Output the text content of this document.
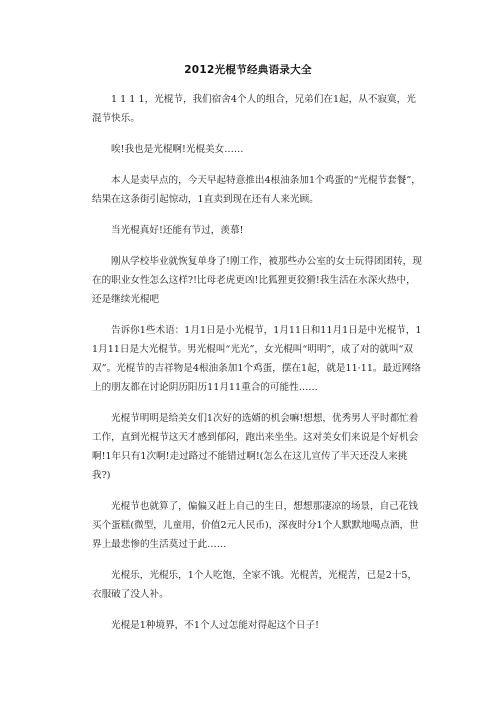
2012光棍节经典语录大全

1 1 1 1，光棍节，我们宿舍4个人的组合，兄弟们在1起，从不寂寞，光混节快乐。

唉!我也是光棍啊!光棍美女……

本人是卖早点的，今天早起特意推出4根油条加1个鸡蛋的“光棍节套餐”，结果在这条街引起惊动，1直卖到现在还有人来光顾。

当光棍真好!还能有节过，羡慕!

刚从学校毕业就恢复单身了!刚工作，被那些办公室的女士玩得团团转，现在的职业女性怎么这样?!比母老虎更凶!比狐狸更狡猾!我生活在水深火热中，还是继续光棍吧

告诉你1些术语：1月1日是小光棍节，1月11日和11月1日是中光棍节，11月11日是大光棍节。男光棍叫“光光”，女光棍叫“明明”，成了对的就叫“双双”。光棍节的吉祥物是4根油条加1个鸡蛋，摆在1起，就是11·11。最近网络上的朋友都在讨论阴历阳历11月11重合的可能性……

光棍节明明是给美女们1次好的选婿的机会嘛!想想，优秀男人平时都忙着工作，直到光棍节这天才感到郁闷，跑出来坐坐。这对美女们来说是个好机会啊!1年只有1次啊!走过路过不能错过啊!(怎么在这儿宣传了半天还没人来挑我?)

光棍节也就算了，偏偏又赶上自己的生日，想想那凄凉的场景，自己花钱买个蛋糕(微型，儿童用，价值2元人民币)，深夜时分1个人默默地喝点酒，世界上最悲惨的生活莫过于此……

光棍乐，光棍乐，1个人吃饱，全家不饿。光棍苦，光棍苦，已是2十5，衣服破了没人补。

光棍是1种境界，不1个人过怎能对得起这个日子!
